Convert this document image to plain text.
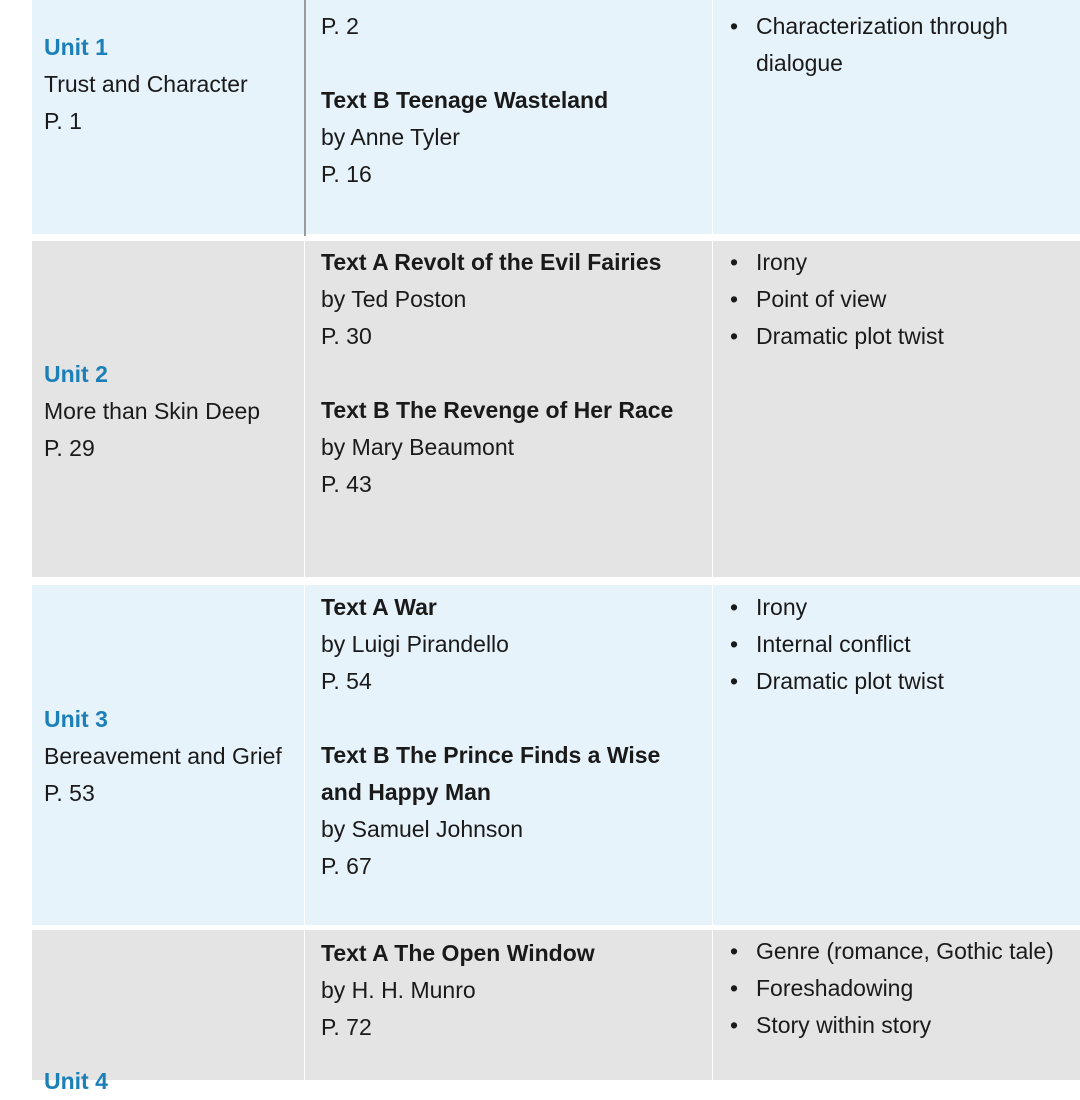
Unit 1
Trust and Character
P. 1
P. 2
Text B Teenage Wasteland
by Anne Tyler
P. 16
• Characterization through
dialogue
Unit 2
More than Skin Deep
P. 29
Text A Revolt of the Evil Fairies
by Ted Poston
P. 30
Text B The Revenge of Her Race
by Mary Beaumont
P. 43
• Irony
• Point of view
• Dramatic plot twist
Unit 3
Bereavement and Grief
P. 53
Text A War
by Luigi Pirandello
P. 54
Text B The Prince Finds a Wise
and Happy Man
by Samuel Johnson
P. 67
• Irony
• Internal conflict
• Dramatic plot twist
Unit 4
Text A The Open Window
by H. H. Munro
P. 72
• Genre (romance, Gothic tale)
• Foreshadowing
• Story within story
